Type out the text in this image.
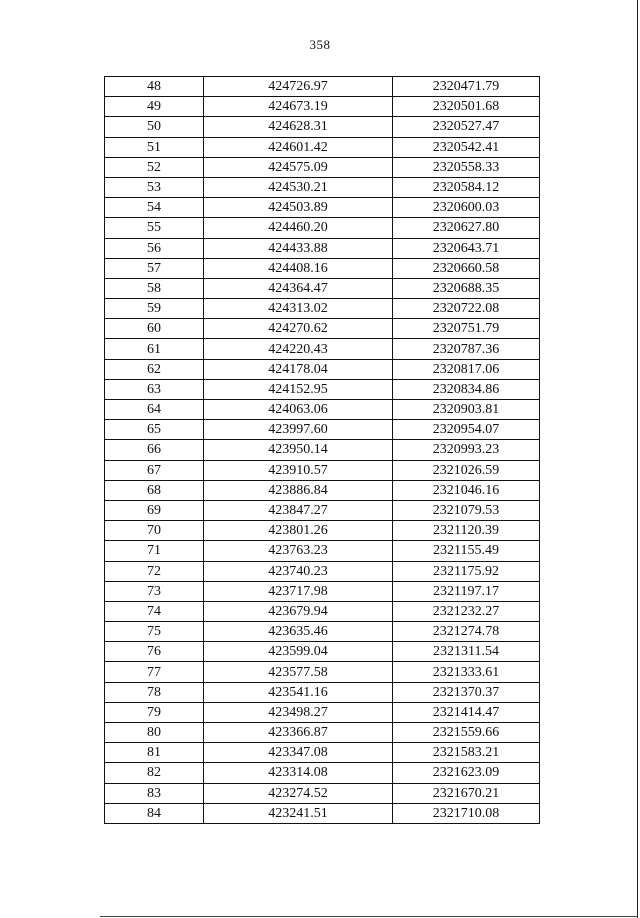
358
48	424726.97	2320471.79
49	424673.19	2320501.68
50	424628.31	2320527.47
51	424601.42	2320542.41
52	424575.09	2320558.33
53	424530.21	2320584.12
54	424503.89	2320600.03
55	424460.20	2320627.80
56	424433.88	2320643.71
57	424408.16	2320660.58
58	424364.47	2320688.35
59	424313.02	2320722.08
60	424270.62	2320751.79
61	424220.43	2320787.36
62	424178.04	2320817.06
63	424152.95	2320834.86
64	424063.06	2320903.81
65	423997.60	2320954.07
66	423950.14	2320993.23
67	423910.57	2321026.59
68	423886.84	2321046.16
69	423847.27	2321079.53
70	423801.26	2321120.39
71	423763.23	2321155.49
72	423740.23	2321175.92
73	423717.98	2321197.17
74	423679.94	2321232.27
75	423635.46	2321274.78
76	423599.04	2321311.54
77	423577.58	2321333.61
78	423541.16	2321370.37
79	423498.27	2321414.47
80	423366.87	2321559.66
81	423347.08	2321583.21
82	423314.08	2321623.09
83	423274.52	2321670.21
84	423241.51	2321710.08
